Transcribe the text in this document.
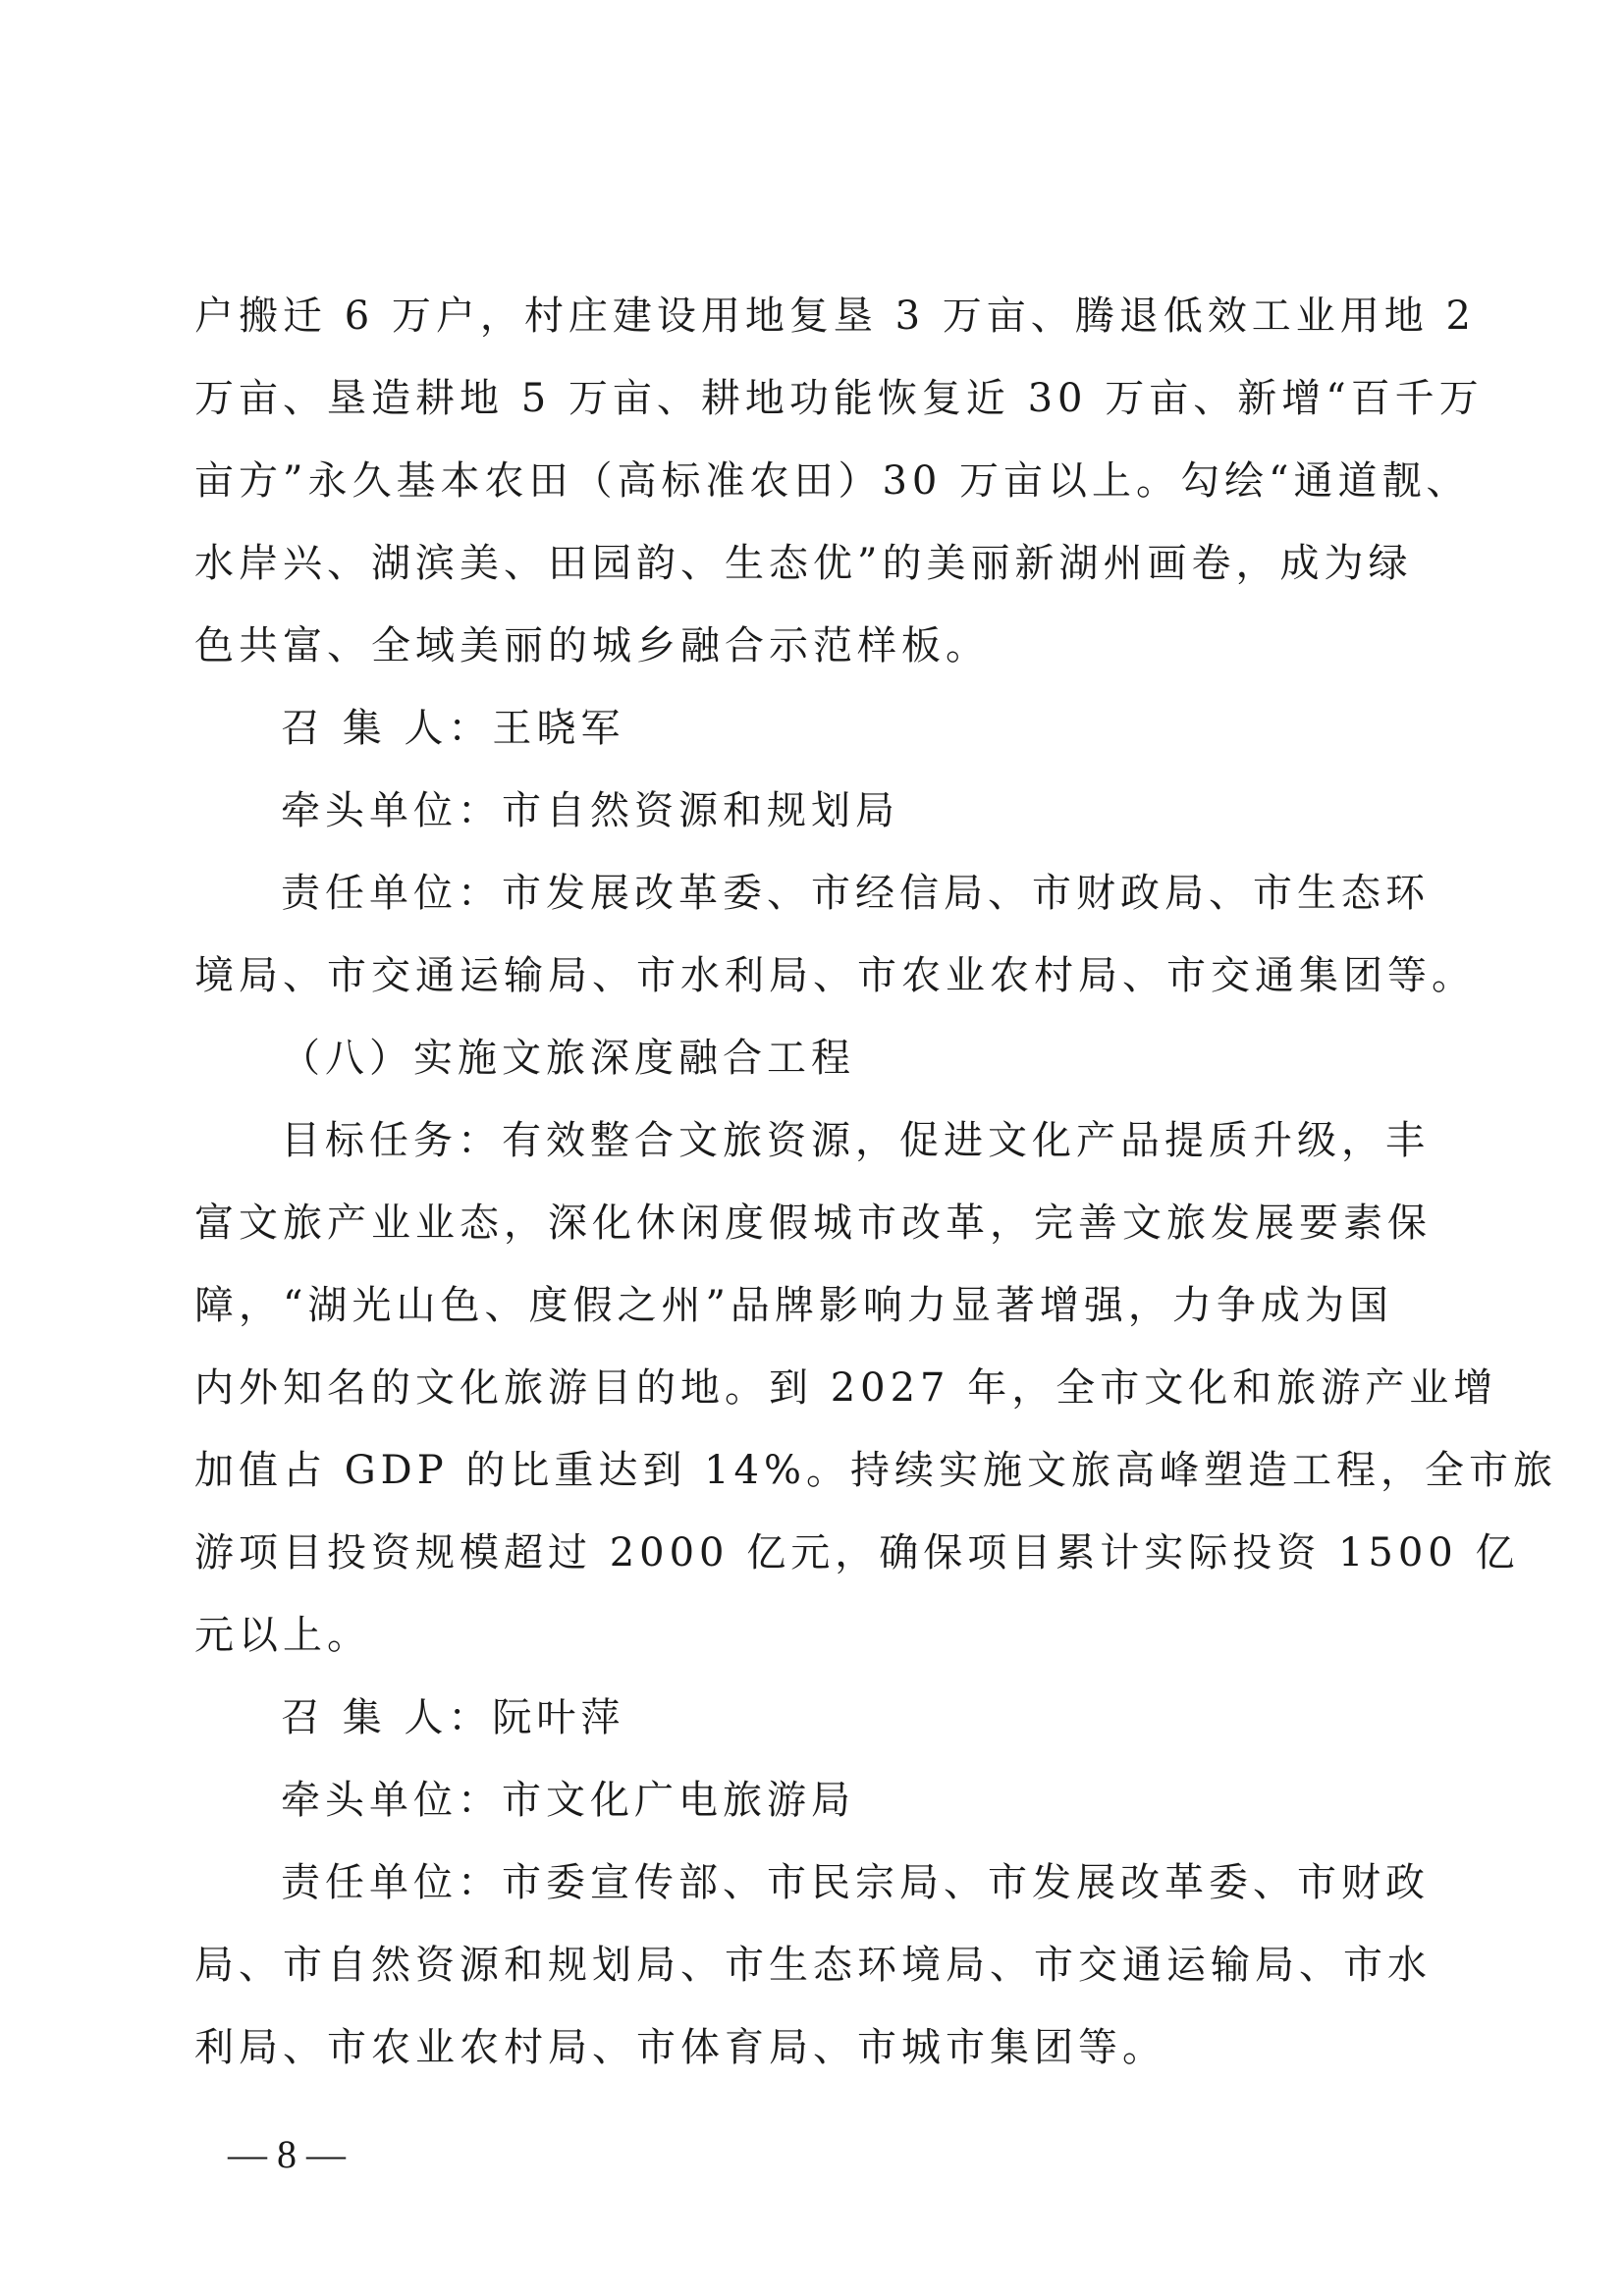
户搬迁 6 万户，村庄建设用地复垦 3 万亩、腾退低效工业用地 2
万亩、垦造耕地 5 万亩、耕地功能恢复近 30 万亩、新增“百千万
亩方”永久基本农田（高标准农田）30 万亩以上。勾绘“通道靓、
水岸兴、湖滨美、田园韵、生态优”的美丽新湖州画卷，成为绿
色共富、全域美丽的城乡融合示范样板。
召 集 人：王晓军
牵头单位：市自然资源和规划局
责任单位：市发展改革委、市经信局、市财政局、市生态环
境局、市交通运输局、市水利局、市农业农村局、市交通集团等。
（八）实施文旅深度融合工程
目标任务：有效整合文旅资源，促进文化产品提质升级，丰
富文旅产业业态，深化休闲度假城市改革，完善文旅发展要素保
障，“湖光山色、度假之州”品牌影响力显著增强，力争成为国
内外知名的文化旅游目的地。到 2027 年，全市文化和旅游产业增
加值占 GDP 的比重达到 14%。持续实施文旅高峰塑造工程，全市旅
游项目投资规模超过 2000 亿元，确保项目累计实际投资 1500 亿
元以上。
召 集 人：阮叶萍
牵头单位：市文化广电旅游局
责任单位：市委宣传部、市民宗局、市发展改革委、市财政
局、市自然资源和规划局、市生态环境局、市交通运输局、市水
利局、市农业农村局、市体育局、市城市集团等。
— 8 —
